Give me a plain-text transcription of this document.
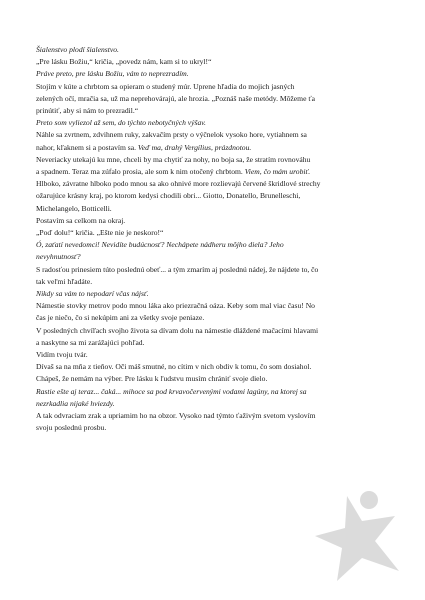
Šialenstvo plodí šialenstvo.
„Pre lásku Božiu,“ kričia, „povedz nám, kam si to ukryl!“
Práve preto, pre lásku Božiu, vám to neprezradím.
Stojím v kúte a chrbtom sa opieram o studený múr. Uprene hľadia do mojich jasných
zelených očí, mračia sa, už ma neprehovárajú, ale hrozia. „Poznáš naše metódy. Môžeme ťa
prinútiť, aby si nám to prezradil.“
Preto som vyliezol až sem, do týchto nebotyčných výšav.
Náhle sa zvrtnem, zdvihnem ruky, zakvačím prsty o výčnelok vysoko hore, vytiahnem sa
nahor, kľaknem si a postavím sa. Veď ma, drahý Vergílius, prázdnotou.
Neveriacky utekajú ku mne, chceli by ma chytiť za nohy, no boja sa, že stratím rovnováhu
a spadnem. Teraz ma zúfalo prosia, ale som k nim otočený chrbtom. Viem, čo mám urobiť.
Hlboko, závratne hlboko podo mnou sa ako ohnivé more rozlievajú červené škridlové strechy
ožarujúce krásny kraj, po ktorom kedysi chodili obri... Giotto, Donatello, Brunelleschi,
Michelangelo, Botticelli.
Postavím sa celkom na okraj.
„Poď dolu!“ kričia. „Ešte nie je neskoro!“
Ó, zaťatí nevedomci! Nevidíte budúcnosť? Nechápete nádheru môjho diela? Jeho
nevyhnutnosť?
S radosťou prinesiem túto poslednú obeť... a tým zmarím aj poslednú nádej, že nájdete to, čo
tak veľmi hľadáte.
Nikdy sa vám to nepodarí včas nájsť.
Námestie stovky metrov podo mnou láka ako priezračná oáza. Keby som mal viac času! No
čas je niečo, čo si nekúpim ani za všetky svoje peniaze.
V posledných chvíľach svojho života sa dívam dolu na námestie dláždené mačacími hlavami
a naskytne sa mi zarážajúci pohľad.
Vidím tvoju tvár.
Dívaš sa na mňa z tieňov. Oči máš smutné, no cítim v nich obdiv k tomu, čo som dosiahol.
Chápeš, že nemám na výber. Pre lásku k ľudstvu musím chrániť svoje dielo.
Rastie ešte aj teraz... čaká... mihoce sa pod krvavočervenými vodami lagúny, na ktorej sa
nezrkadlia nijaké hviezdy.
A tak odvraciam zrak a upriamim ho na obzor. Vysoko nad týmto ťaživým svetom vyslovím
svoju poslednú prosbu.
